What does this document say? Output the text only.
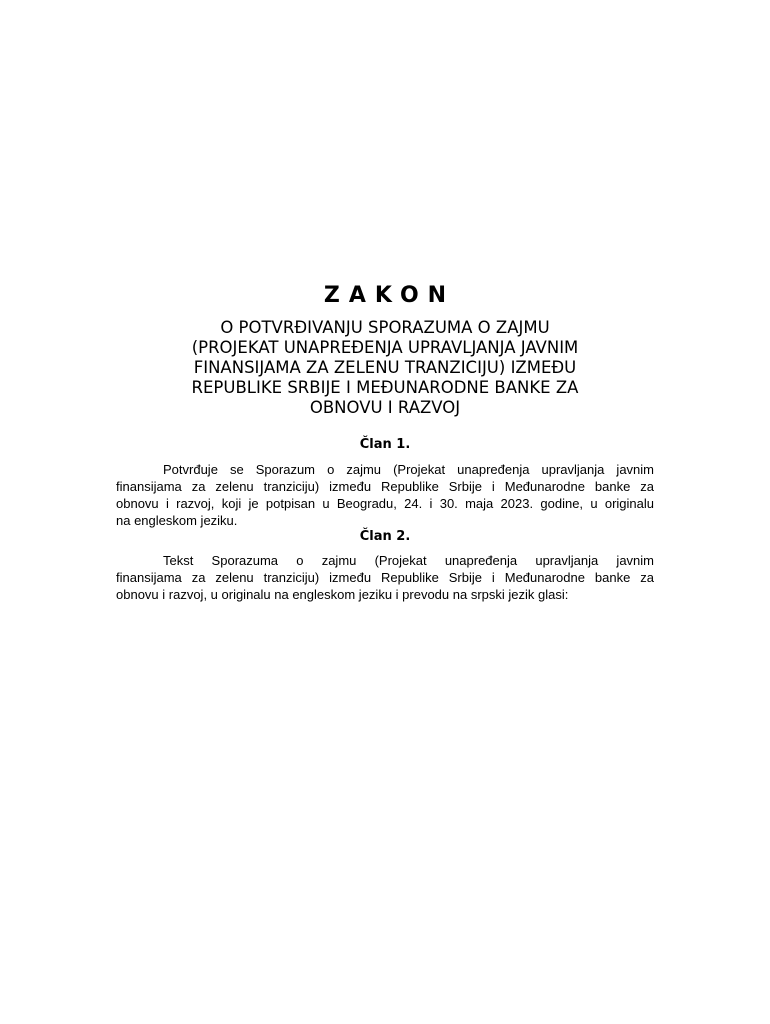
ZAKON
O POTVRĐIVANJU SPORAZUMA O ZAJMU
(PROJEKAT UNAPREĐENJA UPRAVLJANJA JAVNIM
FINANSIJAMA ZA ZELENU TRANZICIJU) IZMEĐU
REPUBLIKE SRBIJE I MEĐUNARODNE BANKE ZA
OBNOVU I RAZVOJ
Član 1.
Potvrđuje se Sporazum o zajmu (Projekat unapređenja upravljanja javnim
finansijama za zelenu tranziciju) između Republike Srbije i Međunarodne banke za
obnovu i razvoj, koji je potpisan u Beogradu, 24. i 30. maja 2023. godine, u originalu
na engleskom jeziku.
Član 2.
Tekst Sporazuma o zajmu (Projekat unapređenja upravljanja javnim
finansijama za zelenu tranziciju) između Republike Srbije i Međunarodne banke za
obnovu i razvoj, u originalu na engleskom jeziku i prevodu na srpski jezik glasi:
